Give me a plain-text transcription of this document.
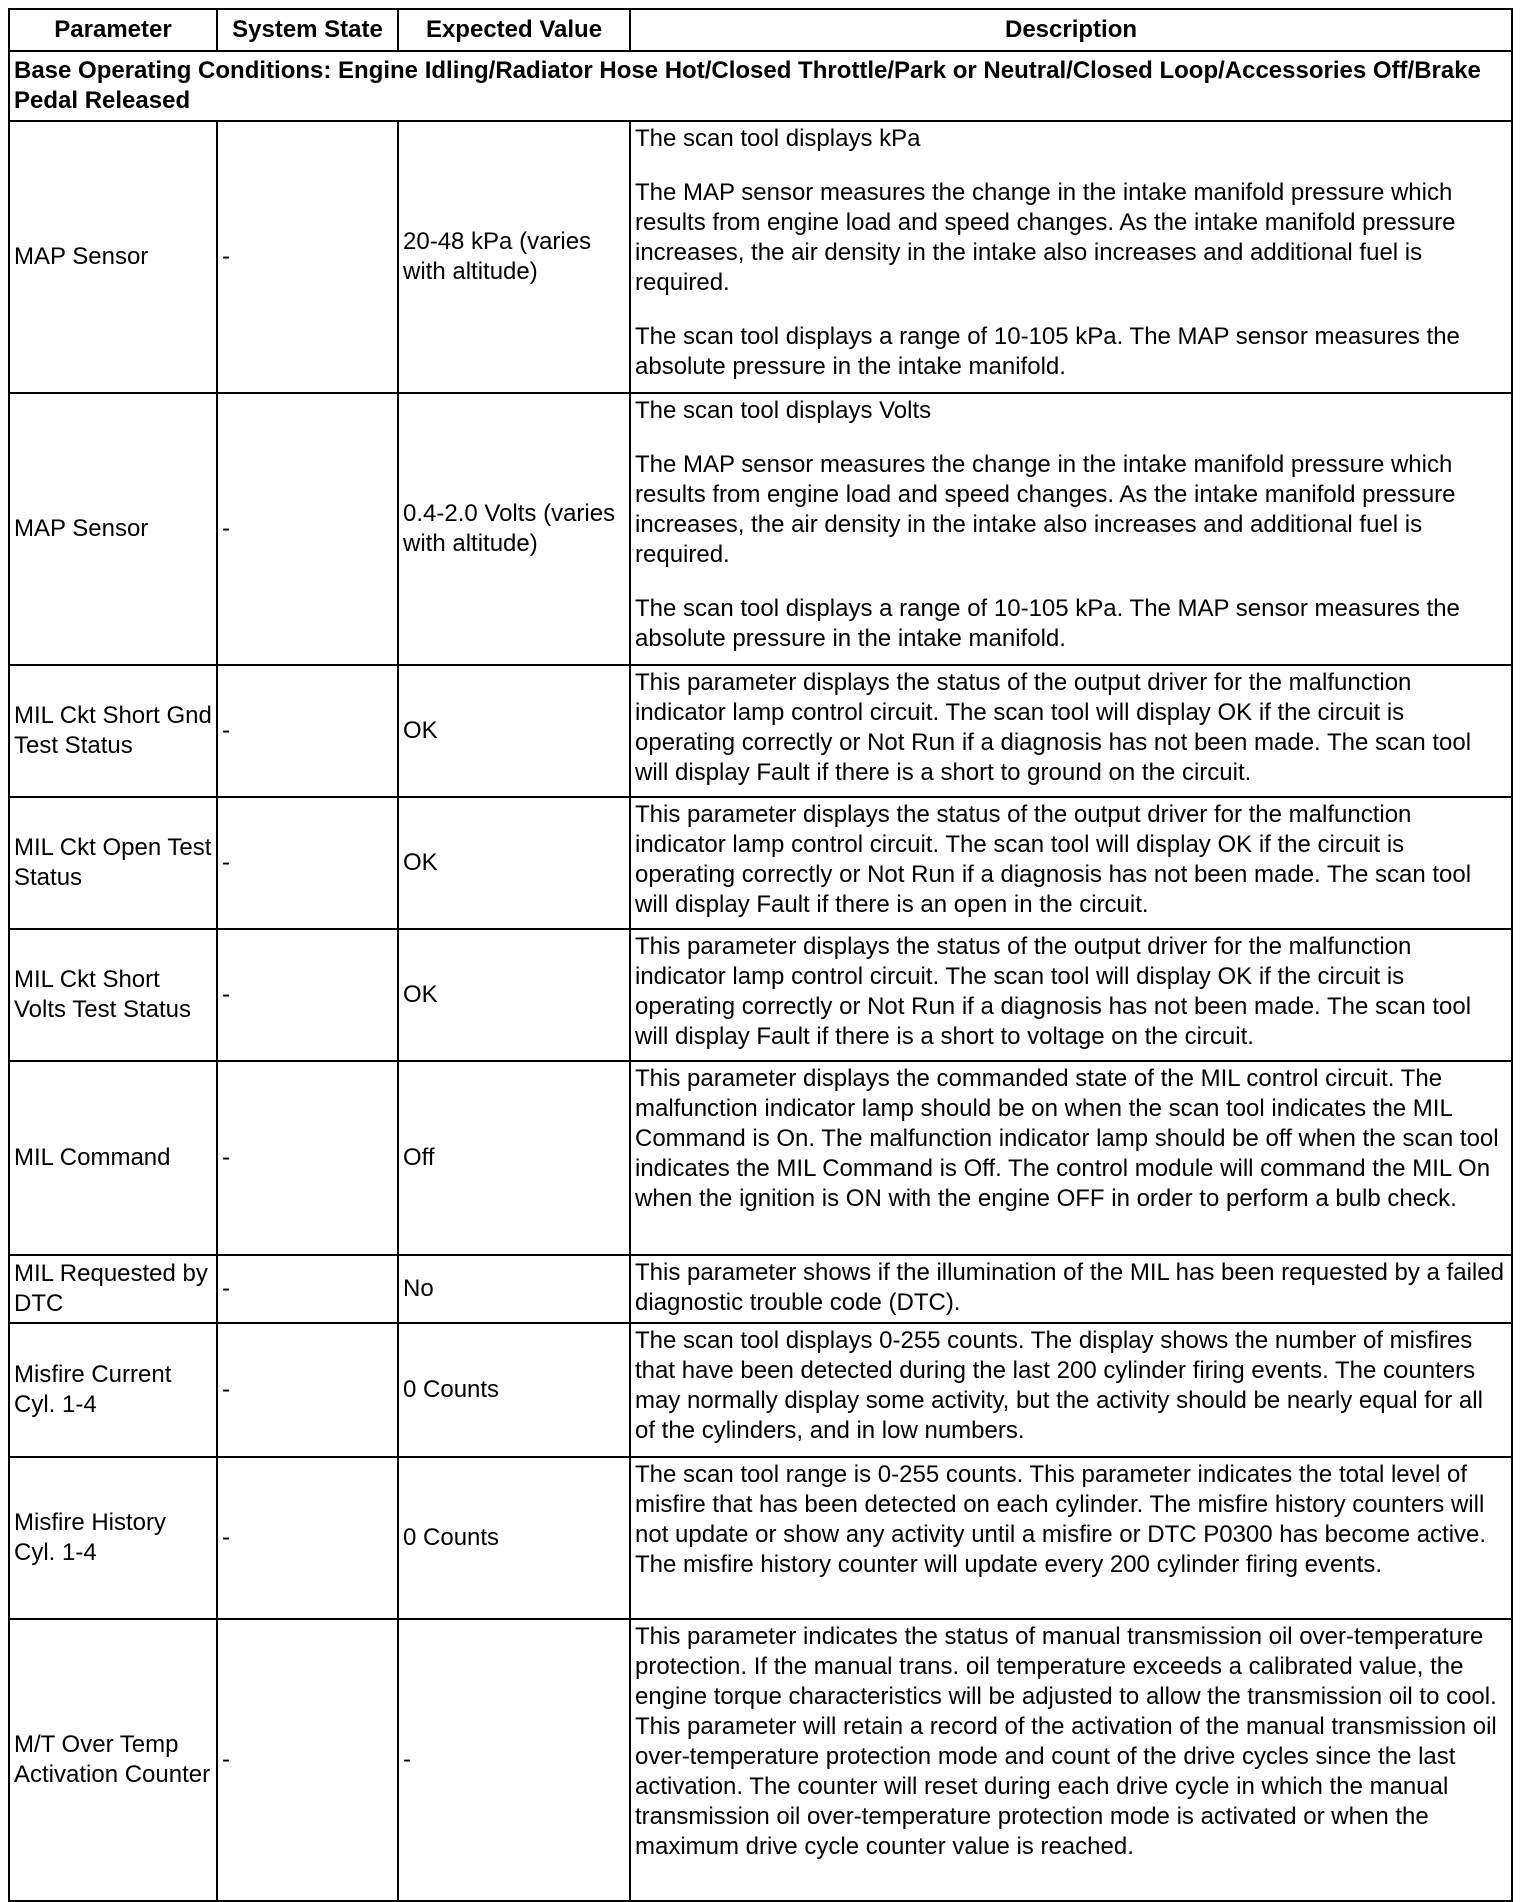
Parameter	System State	Expected Value	Description
Base Operating Conditions: Engine Idling/Radiator Hose Hot/Closed Throttle/Park or Neutral/Closed Loop/Accessories Off/Brake Pedal Released			
MAP Sensor	-	20-48 kPa (varies with altitude)	The scan tool displays kPa

The MAP sensor measures the change in the intake manifold pressure which results from engine load and speed changes. As the intake manifold pressure increases, the air density in the intake also increases and additional fuel is required.

The scan tool displays a range of 10-105 kPa. The MAP sensor measures the absolute pressure in the intake manifold.

MAP Sensor	-	0.4-2.0 Volts (varies with altitude)	The scan tool displays Volts

The MAP sensor measures the change in the intake manifold pressure which results from engine load and speed changes. As the intake manifold pressure increases, the air density in the intake also increases and additional fuel is required.

The scan tool displays a range of 10-105 kPa. The MAP sensor measures the absolute pressure in the intake manifold.

MIL Ckt Short Gnd Test Status	-	OK	This parameter displays the status of the output driver for the malfunction indicator lamp control circuit. The scan tool will display OK if the circuit is operating correctly or Not Run if a diagnosis has not been made. The scan tool will display Fault if there is a short to ground on the circuit.

MIL Ckt Open Test Status	-	OK	This parameter displays the status of the output driver for the malfunction indicator lamp control circuit. The scan tool will display OK if the circuit is operating correctly or Not Run if a diagnosis has not been made. The scan tool will display Fault if there is an open in the circuit.

MIL Ckt Short Volts Test Status	-	OK	This parameter displays the status of the output driver for the malfunction indicator lamp control circuit. The scan tool will display OK if the circuit is operating correctly or Not Run if a diagnosis has not been made. The scan tool will display Fault if there is a short to voltage on the circuit.

MIL Command	-	Off	This parameter displays the commanded state of the MIL control circuit. The malfunction indicator lamp should be on when the scan tool indicates the MIL Command is On. The malfunction indicator lamp should be off when the scan tool indicates the MIL Command is Off. The control module will command the MIL On when the ignition is ON with the engine OFF in order to perform a bulb check.

MIL Requested by DTC	-	No	This parameter shows if the illumination of the MIL has been requested by a failed diagnostic trouble code (DTC).

Misfire Current Cyl. 1-4	-	0 Counts	The scan tool displays 0-255 counts. The display shows the number of misfires that have been detected during the last 200 cylinder firing events. The counters may normally display some activity, but the activity should be nearly equal for all of the cylinders, and in low numbers.

Misfire History Cyl. 1-4	-	0 Counts	The scan tool range is 0-255 counts. This parameter indicates the total level of misfire that has been detected on each cylinder. The misfire history counters will not update or show any activity until a misfire or DTC P0300 has become active. The misfire history counter will update every 200 cylinder firing events.

M/T Over Temp Activation Counter	-	-	This parameter indicates the status of manual transmission oil over-temperature protection. If the manual trans. oil temperature exceeds a calibrated value, the engine torque characteristics will be adjusted to allow the transmission oil to cool. This parameter will retain a record of the activation of the manual transmission oil over-temperature protection mode and count of the drive cycles since the last activation. The counter will reset during each drive cycle in which the manual transmission oil over-temperature protection mode is activated or when the maximum drive cycle counter value is reached.
